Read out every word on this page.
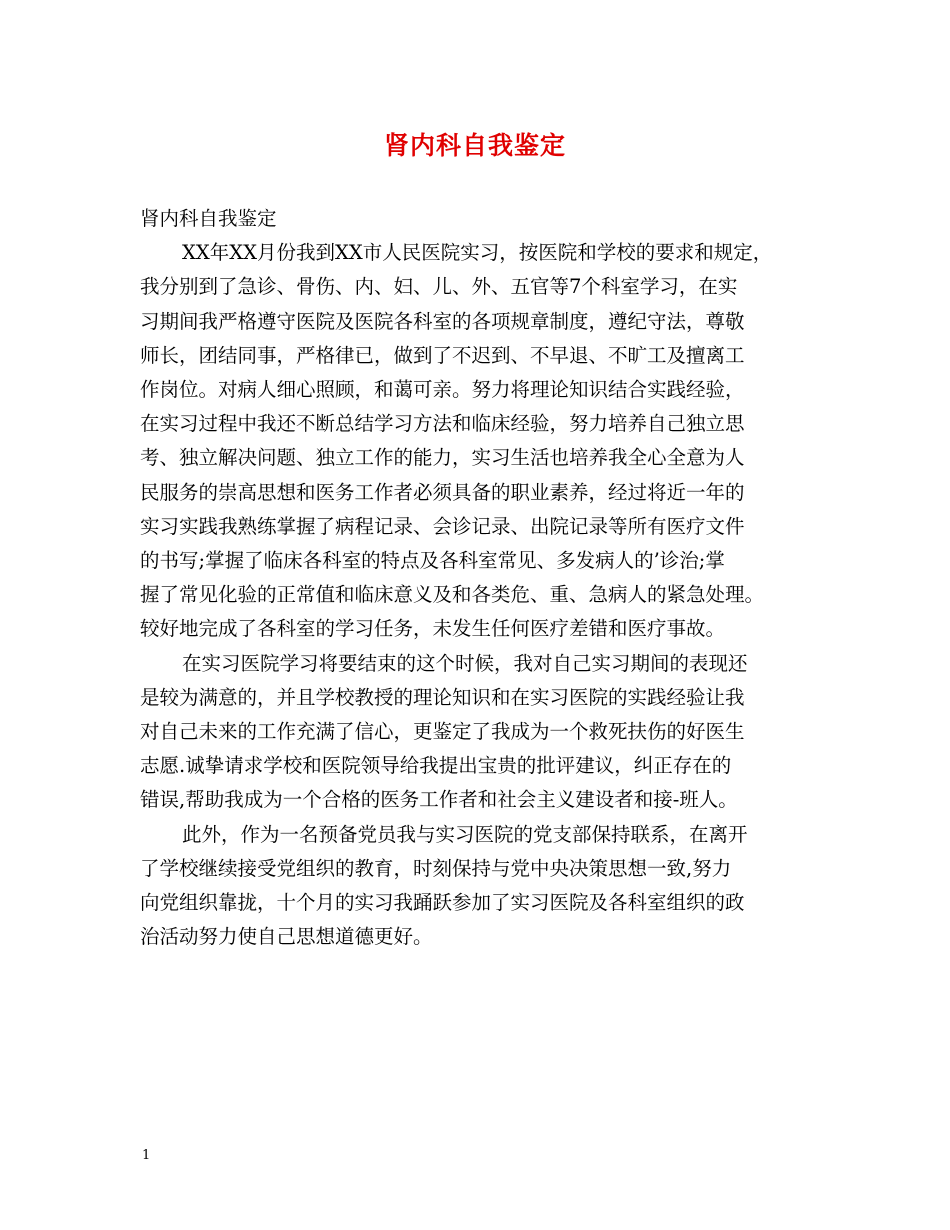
肾内科自我鉴定

肾内科自我鉴定

XX年XX月份我到XX市人民医院实习，按医院和学校的要求和规定，
我分别到了急诊、骨伤、内、妇、儿、外、五官等7个科室学习，在实
习期间我严格遵守医院及医院各科室的各项规章制度，遵纪守法，尊敬
师长，团结同事，严格律已，做到了不迟到、不早退、不旷工及擅离工
作岗位。对病人细心照顾，和蔼可亲。努力将理论知识结合实践经验，
在实习过程中我还不断总结学习方法和临床经验，努力培养自己独立思
考、独立解决问题、独立工作的能力，实习生活也培养我全心全意为人
民服务的崇高思想和医务工作者必须具备的职业素养，经过将近一年的
实习实践我熟练掌握了病程记录、会诊记录、出院记录等所有医疗文件
的书写;掌握了临床各科室的特点及各科室常见、多发病人的’诊治;掌
握了常见化验的正常值和临床意义及和各类危、重、急病人的紧急处理。
较好地完成了各科室的学习任务，未发生任何医疗差错和医疗事故。

在实习医院学习将要结束的这个时候，我对自己实习期间的表现还
是较为满意的，并且学校教授的理论知识和在实习医院的实践经验让我
对自己未来的工作充满了信心，更鉴定了我成为一个救死扶伤的好医生
志愿.诚挚请求学校和医院领导给我提出宝贵的批评建议，纠正存在的
错误,帮助我成为一个合格的医务工作者和社会主义建设者和接-班人。

此外，作为一名预备党员我与实习医院的党支部保持联系，在离开
了学校继续接受党组织的教育，时刻保持与党中央决策思想一致,努力
向党组织靠拢，十个月的实习我踊跃参加了实习医院及各科室组织的政
治活动努力使自己思想道德更好。

1
